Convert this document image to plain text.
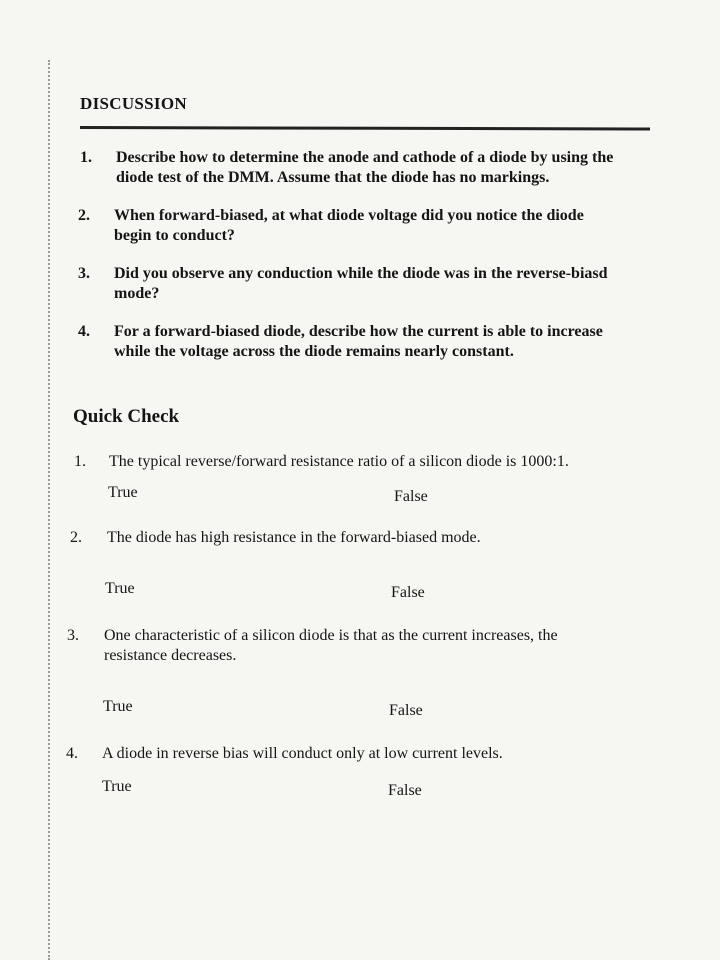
DISCUSSION
1. Describe how to determine the anode and cathode of a diode by using the
diode test of the DMM. Assume that the diode has no markings.
2. When forward-biased, at what diode voltage did you notice the diode
begin to conduct?
3. Did you observe any conduction while the diode was in the reverse-biasd
mode?
4. For a forward-biased diode, describe how the current is able to increase
while the voltage across the diode remains nearly constant.
Quick Check
1. The typical reverse/forward resistance ratio of a silicon diode is 1000:1.
True	False
2. The diode has high resistance in the forward-biased mode.
True	False
3. One characteristic of a silicon diode is that as the current increases, the
resistance decreases.
True	False
4. A diode in reverse bias will conduct only at low current levels.
True	False
